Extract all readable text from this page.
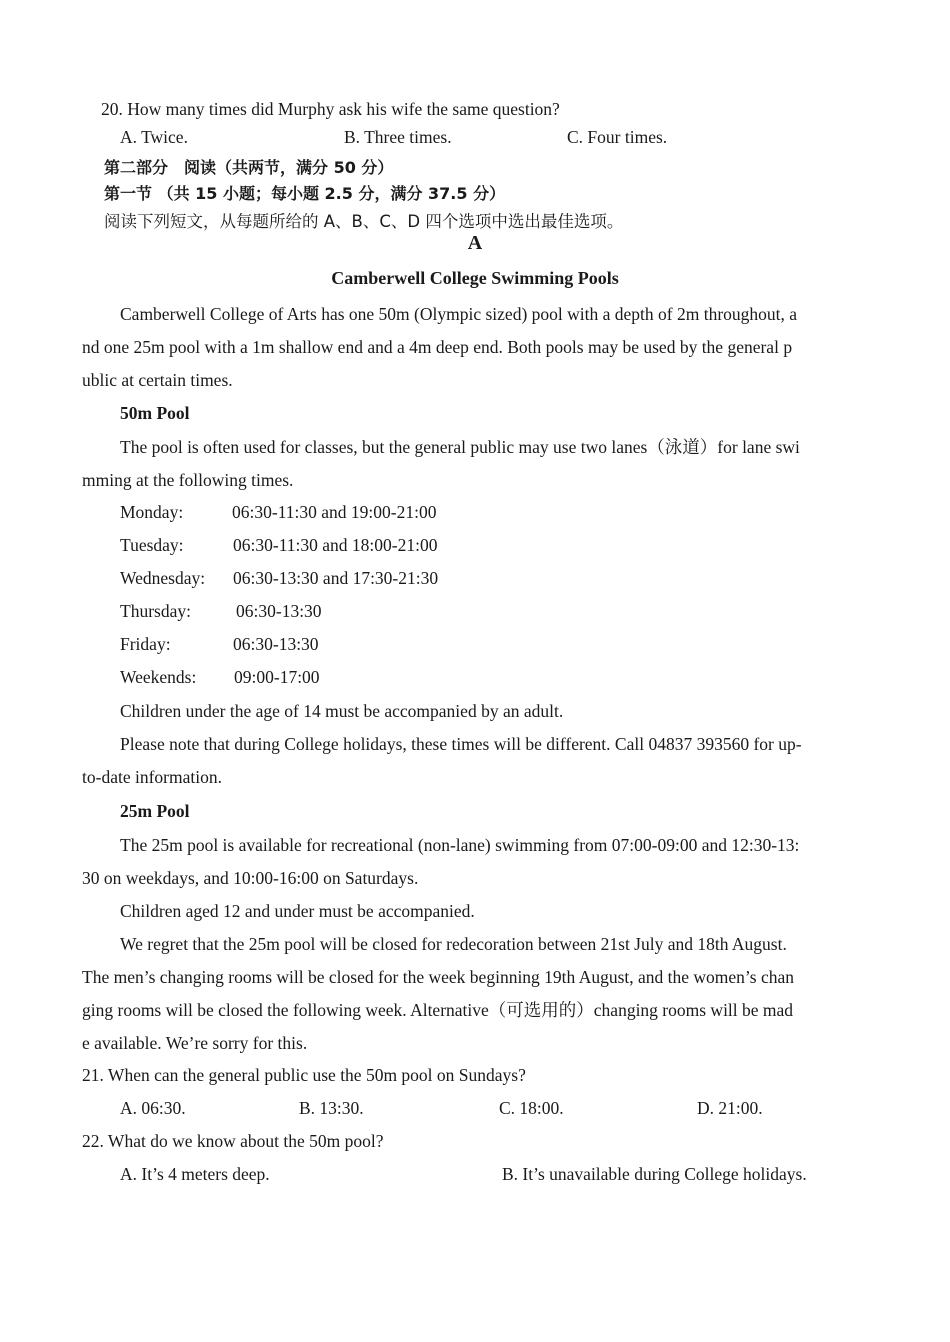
20. How many times did Murphy ask his wife the same question?
A. Twice.	B. Three times.	C. Four times.
第二部分　阅读（共两节，满分 50 分）
第一节 （共 15 小题；每小题 2.5 分，满分 37.5 分）
阅读下列短文，从每题所给的 A、B、C、D 四个选项中选出最佳选项。
A
Camberwell College Swimming Pools
Camberwell College of Arts has one 50m (Olympic sized) pool with a depth of 2m throughout, a
nd one 25m pool with a 1m shallow end and a 4m deep end. Both pools may be used by the general p
ublic at certain times.
50m Pool
The pool is often used for classes, but the general public may use two lanes（泳道）for lane swi
mming at the following times.
Monday:	06:30-11:30 and 19:00-21:00
Tuesday:	06:30-11:30 and 18:00-21:00
Wednesday: 06:30-13:30 and 17:30-21:30
Thursday:	06:30-13:30
Friday:	06:30-13:30
Weekends: 09:00-17:00
Children under the age of 14 must be accompanied by an adult.
Please note that during College holidays, these times will be different. Call 04837 393560 for up-
to-date information.
25m Pool
The 25m pool is available for recreational (non-lane) swimming from 07:00-09:00 and 12:30-13:
30 on weekdays, and 10:00-16:00 on Saturdays.
Children aged 12 and under must be accompanied.
We regret that the 25m pool will be closed for redecoration between 21st July and 18th August.
The men’s changing rooms will be closed for the week beginning 19th August, and the women’s chan
ging rooms will be closed the following week. Alternative（可选用的）changing rooms will be mad
e available. We’re sorry for this.
21. When can the general public use the 50m pool on Sundays?
A. 06:30.	B. 13:30.	C. 18:00.	D. 21:00.
22. What do we know about the 50m pool?
A. It’s 4 meters deep.	B. It’s unavailable during College holidays.
